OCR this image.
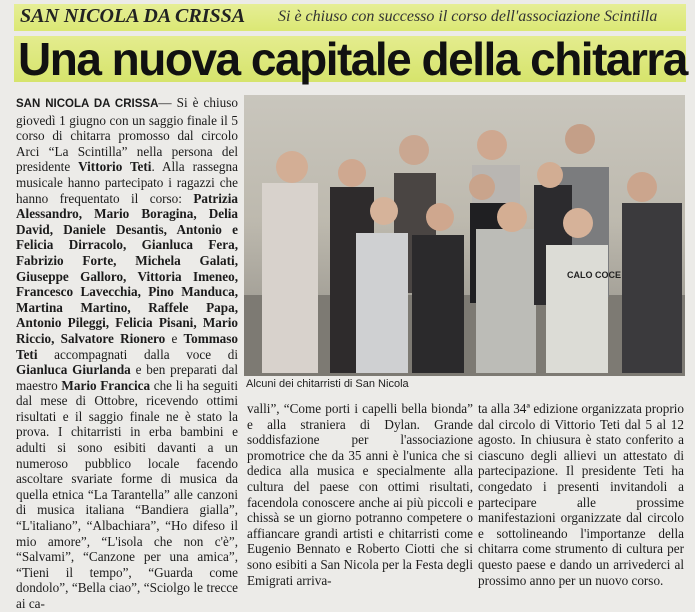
SAN NICOLA DA CRISSA Si è chiuso con successo il corso dell'associazione Scintilla
Una nuova capitale della chitarra

SAN NICOLA DA CRISSA— Si è chiuso giovedì 1 giugno con un saggio finale il 5 corso di chitarra promosso dal circolo Arci “La Scintilla” nella persona del presidente Vittorio Teti. Alla rassegna musicale hanno partecipato i ragazzi che hanno frequentato il corso: Patrizia Alessandro, Mario Boragina, Delia David, Daniele Desantis, Antonio e Felicia Dirracolo, Gianluca Fera, Fabrizio Forte, Michela Galati, Giuseppe Galloro, Vittoria Imeneo, Francesco Lavecchia, Pino Manduca, Martina Martino, Raffele Papa, Antonio Pileggi, Felicia Pisani, Mario Riccio, Salvatore Rionero e Tommaso Teti accompagnati dalla voce di Gianluca Giurlanda e ben preparati dal maestro Mario Francica che li ha seguiti dal mese di Ottobre, ricevendo ottimi risultati e il saggio finale ne è stato la prova. I chitarristi in erba bambini e adulti si sono esibiti davanti a un numeroso pubblico locale facendo ascoltare svariate forme di musica da quella etnica “La Tarantella” alle canzoni di musica italiana “Bandiera gialla”, “L'italiano”, “Albachiara”, “Ho difeso il mio amore”, “L'isola che non c'è”, “Salvami”, “Canzone per una amica”, “Tieni il tempo”, “Guarda come dondolo”, “Bella ciao”, “Sciolgo le trecce ai ca-

CALO COCE
Alcuni dei chitarristi di San Nicola

valli”, “Come porti i capelli bella bionda” e alla straniera di Dylan. Grande soddisfazione per l'associazione promotrice che da 35 anni è l'unica che si dedica alla musica e specialmente alla cultura del paese con ottimi risultati, facendola conoscere anche ai più piccoli e chissà se un giorno potranno competere o affiancare grandi artisti e chitarristi come Eugenio Bennato e Roberto Ciotti che si sono esibiti a San Nicola per la Festa degli Emigrati arriva-

ta alla 34ª edizione organizzata proprio dal circolo di Vittorio Teti dal 5 al 12 agosto. In chiusura è stato conferito a ciascuno degli allievi un attestato di partecipazione. Il presidente Teti ha congedato i presenti invitandoli a partecipare alle prossime manifestazioni organizzate dal circolo e sottolineando l'importanze della chitarra come strumento di cultura per questo paese e dando un arrivederci al prossimo anno per un nuovo corso.
